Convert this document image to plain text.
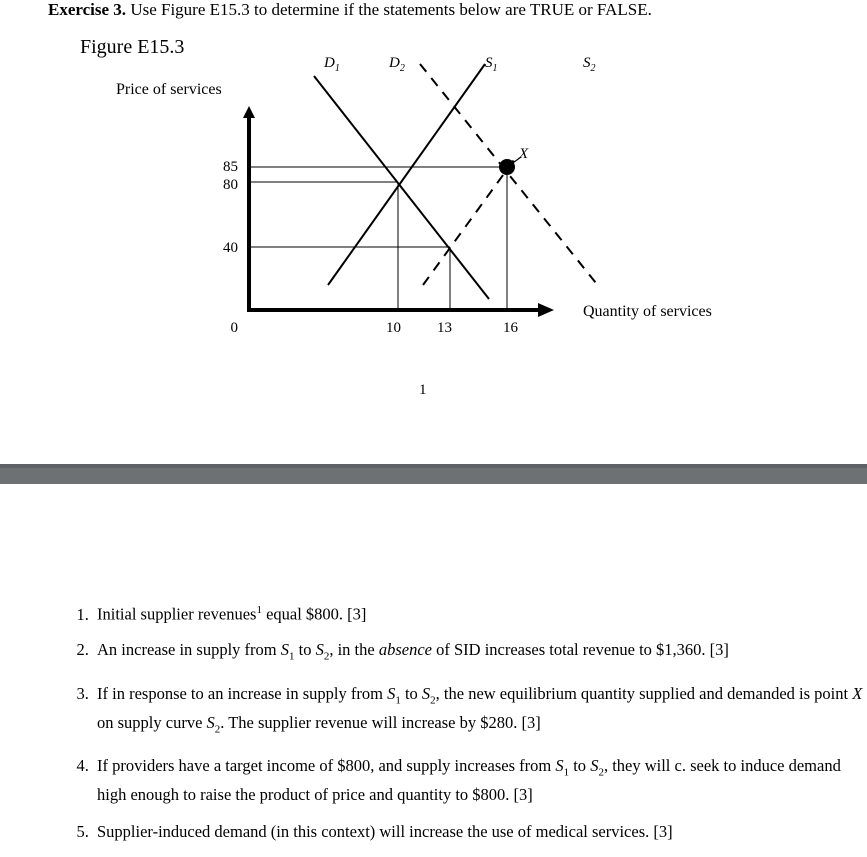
Exercise 3. Use Figure E15.3 to determine if the statements below are TRUE or FALSE.
Figure E15.3
Price of services
Quantity of services
85
80
40
0	10 13	16
$D_1$	$D_2$	$S_1$	$S_2$
X
1
1. Initial supplier revenues$^1$ equal $800. [3]
2. An increase in supply from $S_1$ to $S_2$, in the absence of SID increases total revenue to $1,360. [3]
3. If in response to an increase in supply from $S_1$ to $S_2$, the new equilibrium quantity supplied and demanded is point X on supply curve $S_2$. The supplier revenue will increase by $280. [3]
4. If providers have a target income of $800, and supply increases from $S_1$ to $S_2$, they will c. seek to induce demand high enough to raise the product of price and quantity to $800. [3]
5. Supplier-induced demand (in this context) will increase the use of medical services. [3]
